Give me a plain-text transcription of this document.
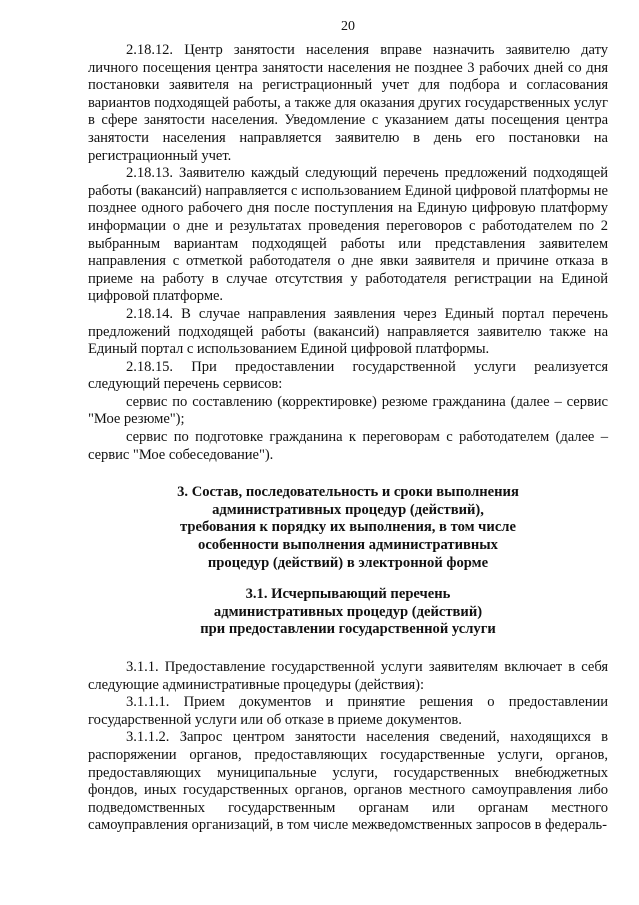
20

2.18.12. Центр занятости населения вправе назначить заявителю дату личного посещения центра занятости населения не позднее 3 рабочих дней со дня постановки заявителя на регистрационный учет для подбора и согласования вариантов подходящей работы, а также для оказания других государственных услуг в сфере занятости населения. Уведомление с указанием даты посещения центра занятости населения направляется заявителю в день его постановки на регистрационный учет.

2.18.13. Заявителю каждый следующий перечень предложений подходящей работы (вакансий) направляется с использованием Единой цифровой платформы не позднее одного рабочего дня после поступления на Единую цифровую платформу информации о дне и результатах проведения переговоров с работодателем по 2 выбранным вариантам подходящей работы или представления заявителем направления с отметкой работодателя о дне явки заявителя и причине отказа в приеме на работу в случае отсутствия у работодателя регистрации на Единой цифровой платформе.

2.18.14. В случае направления заявления через Единый портал перечень предложений подходящей работы (вакансий) направляется заявителю также на Единый портал с использованием Единой цифровой платформы.

2.18.15. При предоставлении государственной услуги реализуется следующий перечень сервисов:

сервис по составлению (корректировке) резюме гражданина (далее – сервис "Мое резюме");

сервис по подготовке гражданина к переговорам с работодателем (далее – сервис "Мое собеседование").

3. Состав, последовательность и сроки выполнения

административных процедур (действий),

требования к порядку их выполнения, в том числе

особенности выполнения административных

процедур (действий) в электронной форме

3.1. Исчерпывающий перечень

административных процедур (действий)

при предоставлении государственной услуги

3.1.1. Предоставление государственной услуги заявителям включает в себя следующие административные процедуры (действия):

3.1.1.1. Прием документов и принятие решения о предоставлении государственной услуги или об отказе в приеме документов.

3.1.1.2. Запрос центром занятости населения сведений, находящихся в распоряжении органов, предоставляющих государственные услуги, органов, предоставляющих муниципальные услуги, государственных внебюджетных фондов, иных государственных органов, органов местного самоуправления либо подведомственных государственным органам или органам местного самоуправления организаций, в том числе межведомственных запросов в федераль-
